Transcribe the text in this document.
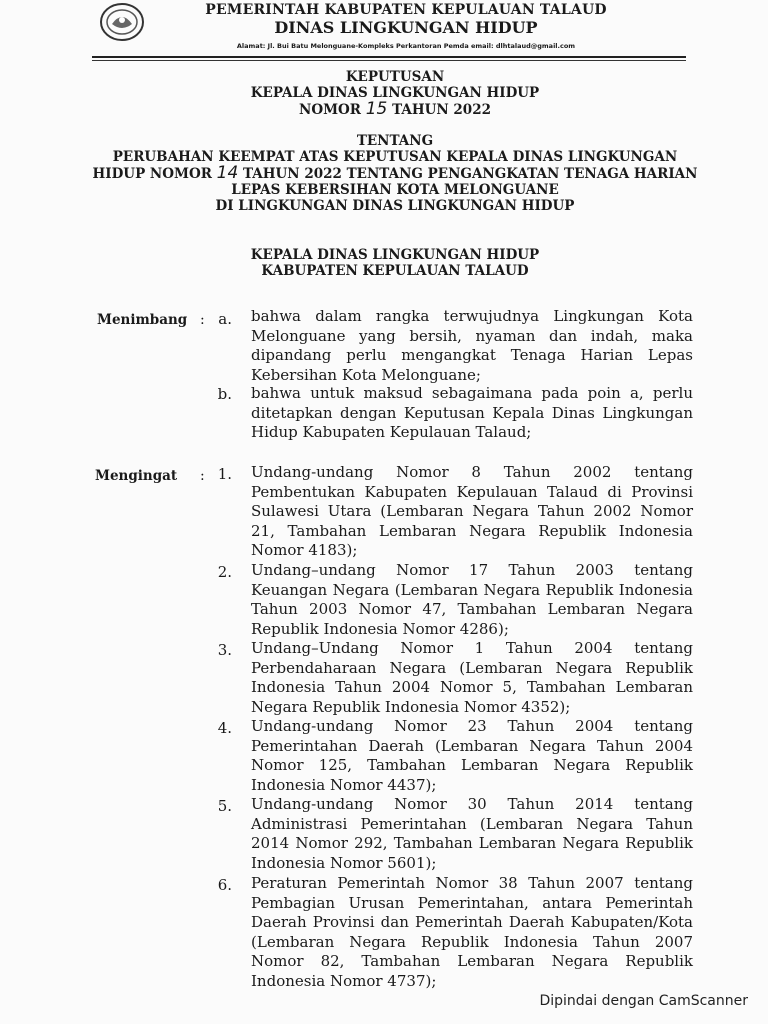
PEMERINTAH KABUPATEN KEPULAUAN TALAUD
DINAS LINGKUNGAN HIDUP
Alamat: Jl. Bui Batu Melonguane-Kompleks Perkantoran Pemda email: dlhtalaud@gmail.com
KEPUTUSAN
KEPALA DINAS LINGKUNGAN HIDUP
NOMOR 15 TAHUN 2022
TENTANG
PERUBAHAN KEEMPAT ATAS KEPUTUSAN KEPALA DINAS LINGKUNGAN
HIDUP NOMOR 14 TAHUN 2022 TENTANG PENGANGKATAN TENAGA HARIAN
LEPAS KEBERSIHAN KOTA MELONGUANE
DI LINGKUNGAN DINAS LINGKUNGAN HIDUP
KEPALA DINAS LINGKUNGAN HIDUP
KABUPATEN KEPULAUAN TALAUD
Menimbang : a. bahwa dalam rangka terwujudnya Lingkungan Kota Melonguane yang bersih, nyaman dan indah, maka dipandang perlu mengangkat Tenaga Harian Lepas Kebersihan Kota Melonguane;
b. bahwa untuk maksud sebagaimana pada poin a, perlu ditetapkan dengan Keputusan Kepala Dinas Lingkungan Hidup Kabupaten Kepulauan Talaud;
Mengingat : 1. Undang-undang Nomor 8 Tahun 2002 tentang Pembentukan Kabupaten Kepulauan Talaud di Provinsi Sulawesi Utara (Lembaran Negara Tahun 2002 Nomor 21, Tambahan Lembaran Negara Republik Indonesia Nomor 4183);
2. Undang–undang Nomor 17 Tahun 2003 tentang Keuangan Negara (Lembaran Negara Republik Indonesia Tahun 2003 Nomor 47, Tambahan Lembaran Negara Republik Indonesia Nomor 4286);
3. Undang–Undang Nomor 1 Tahun 2004 tentang Perbendaharaan Negara (Lembaran Negara Republik Indonesia Tahun 2004 Nomor 5, Tambahan Lembaran Negara Republik Indonesia Nomor 4352);
4. Undang-undang Nomor 23 Tahun 2004 tentang Pemerintahan Daerah (Lembaran Negara Tahun 2004 Nomor 125, Tambahan Lembaran Negara Republik Indonesia Nomor 4437);
5. Undang-undang Nomor 30 Tahun 2014 tentang Administrasi Pemerintahan (Lembaran Negara Tahun 2014 Nomor 292, Tambahan Lembaran Negara Republik Indonesia Nomor 5601);
6. Peraturan Pemerintah Nomor 38 Tahun 2007 tentang Pembagian Urusan Pemerintahan, antara Pemerintah Daerah Provinsi dan Pemerintah Daerah Kabupaten/Kota (Lembaran Negara Republik Indonesia Tahun 2007 Nomor 82, Tambahan Lembaran Negara Republik Indonesia Nomor 4737);
Dipindai dengan CamScanner
